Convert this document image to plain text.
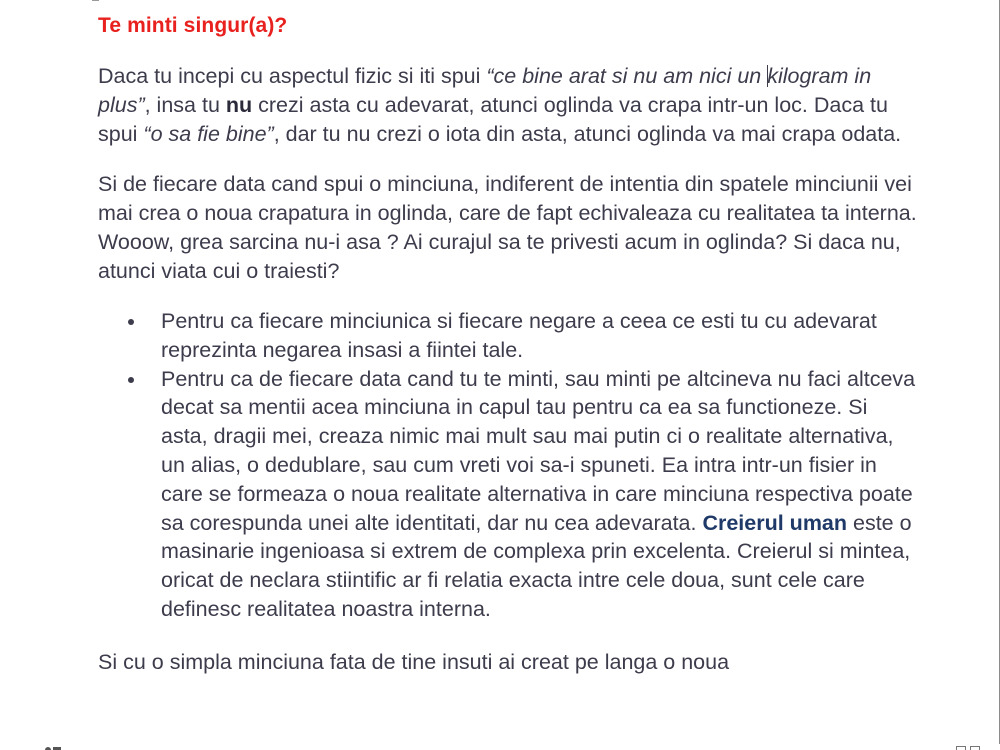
Te minti singur(a)?

Daca tu incepi cu aspectul fizic si iti spui “ce bine arat si nu am nici un kilogram in plus”, insa tu nu crezi asta cu adevarat, atunci oglinda va crapa intr-un loc. Daca tu spui “o sa fie bine”, dar tu nu crezi o iota din asta, atunci oglinda va mai crapa odata.

Si de fiecare data cand spui o minciuna, indiferent de intentia din spatele minciunii vei mai crea o noua crapatura in oglinda, care de fapt echivaleaza cu realitatea ta interna. Wooow, grea sarcina nu-i asa ? Ai curajul sa te privesti acum in oglinda? Si daca nu, atunci viata cui o traiesti?

Pentru ca fiecare minciunica si fiecare negare a ceea ce esti tu cu adevarat reprezinta negarea insasi a fiintei tale.
Pentru ca de fiecare data cand tu te minti, sau minti pe altcineva nu faci altceva decat sa mentii acea minciuna in capul tau pentru ca ea sa functioneze. Si asta, dragii mei, creaza nimic mai mult sau mai putin ci o realitate alternativa, un alias, o dedublare, sau cum vreti voi sa-i spuneti. Ea intra intr-un fisier in care se formeaza o noua realitate alternativa in care minciuna respectiva poate sa corespunda unei alte identitati, dar nu cea adevarata. Creierul uman este o masinarie ingenioasa si extrem de complexa prin excelenta. Creierul si mintea, oricat de neclara stiintific ar fi relatia exacta intre cele doua, sunt cele care definesc realitatea noastra interna.

Si cu o simpla minciuna fata de tine insuti ai creat pe langa o noua
